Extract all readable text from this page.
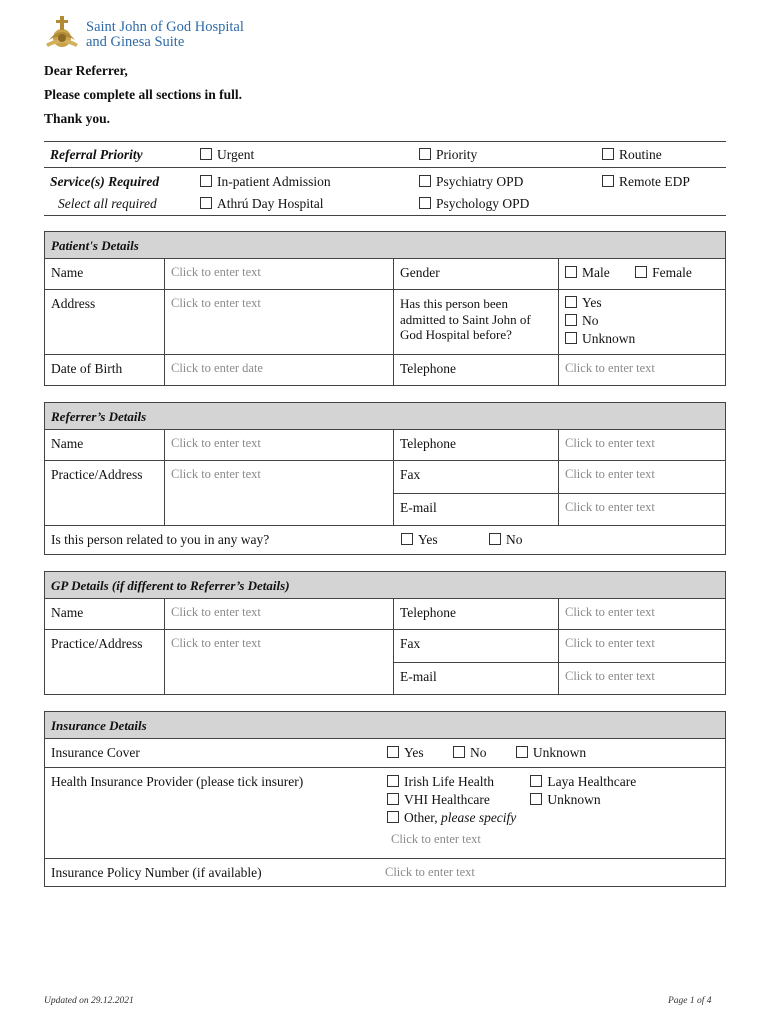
Saint John of God Hospital
and Ginesa Suite
Dear Referrer,
Please complete all sections in full.
Thank you.
Referral Priority	Urgent	Priority	Routine
Service(s) Required
Select all required
In-patient Admission	Psychiatry OPD	Remote EDP
Athrú Day Hospital	Psychology OPD
Patient's Details
Name	Click to enter text	Gender	Male	Female
Address	Click to enter text	Has this person been admitted to Saint John of God Hospital before?
Yes
No
Unknown
Date of Birth	Click to enter date	Telephone	Click to enter text
Referrer’s Details
Name	Click to enter text	Telephone	Click to enter text
Practice/Address	Click to enter text	Fax	Click to enter text
E-mail	Click to enter text
Is this person related to you in any way?	Yes	No
GP Details (if different to Referrer’s Details)
Name	Click to enter text	Telephone	Click to enter text
Practice/Address	Click to enter text	Fax	Click to enter text
E-mail	Click to enter text
Insurance Details
Insurance Cover	Yes	No	Unknown
Health Insurance Provider (please tick insurer)	Irish Life Health	Laya Healthcare
VHI Healthcare	Unknown
Other, please specify
Click to enter text
Insurance Policy Number (if available)	Click to enter text
Updated on 29.12.2021	Page 1 of 4
